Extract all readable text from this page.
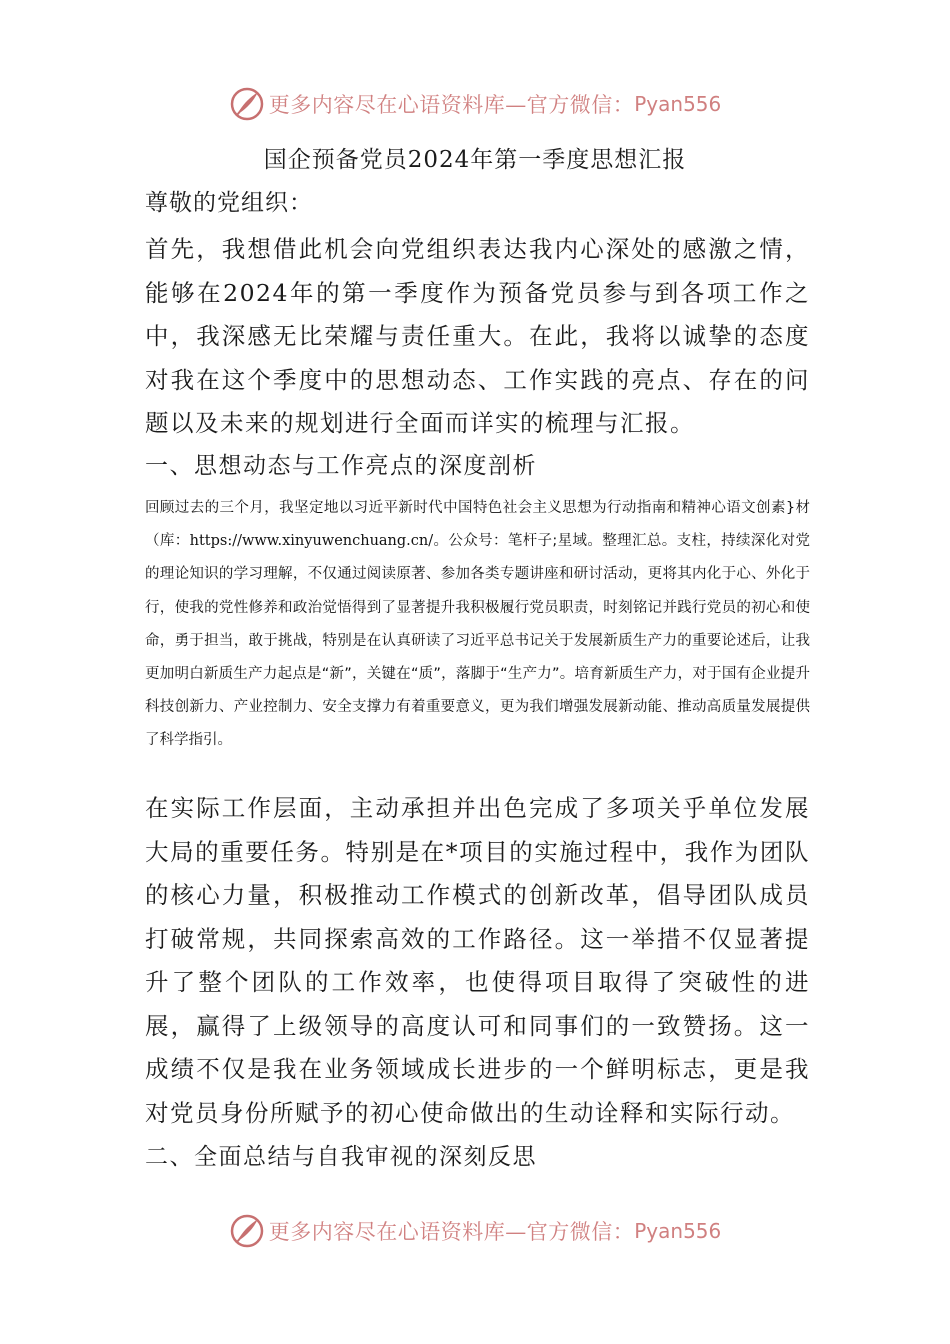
更多内容尽在心语资料库—官方微信： Pyan556
国企预备党员2024年第一季度思想汇报
尊敬的党组织：

首先，我想借此机会向党组织表达我内心深处的感激之情，能够在2024年的第一季度作为预备党员参与到各项工作之中，我深感无比荣耀与责任重大。在此，我将以诚挚的态度对我在这个季度中的思想动态、工作实践的亮点、存在的问题以及未来的规划进行全面而详实的梳理与汇报。

一、思想动态与工作亮点的深度剖析

回顾过去的三个月，我坚定地以习近平新时代中国特色社会主义思想为行动指南和精神心语文创素}材（库：https://www.xinyuwenchuang.cn/。公众号：笔杆子;星域。整理汇总。支柱，持续深化对党的理论知识的学习理解，不仅通过阅读原著、参加各类专题讲座和研讨活动，更将其内化于心、外化于行，使我的党性修养和政治觉悟得到了显著提升我积极履行党员职责，时刻铭记并践行党员的初心和使命，勇于担当，敢于挑战，特别是在认真研读了习近平总书记关于发展新质生产力的重要论述后，让我更加明白新质生产力起点是“新”，关键在“质”，落脚于“生产力”。培育新质生产力，对于国有企业提升科技创新力、产业控制力、安全支撑力有着重要意义，更为我们增强发展新动能、推动高质量发展提供了科学指引。

在实际工作层面，主动承担并出色完成了多项关乎单位发展大局的重要任务。特别是在*项目的实施过程中，我作为团队的核心力量，积极推动工作模式的创新改革，倡导团队成员打破常规，共同探索高效的工作路径。这一举措不仅显著提升了整个团队的工作效率，也使得项目取得了突破性的进展，赢得了上级领导的高度认可和同事们的一致赞扬。这一成绩不仅是我在业务领域成长进步的一个鲜明标志，更是我对党员身份所赋予的初心使命做出的生动诠释和实际行动。

二、全面总结与自我审视的深刻反思

更多内容尽在心语资料库—官方微信： Pyan556
